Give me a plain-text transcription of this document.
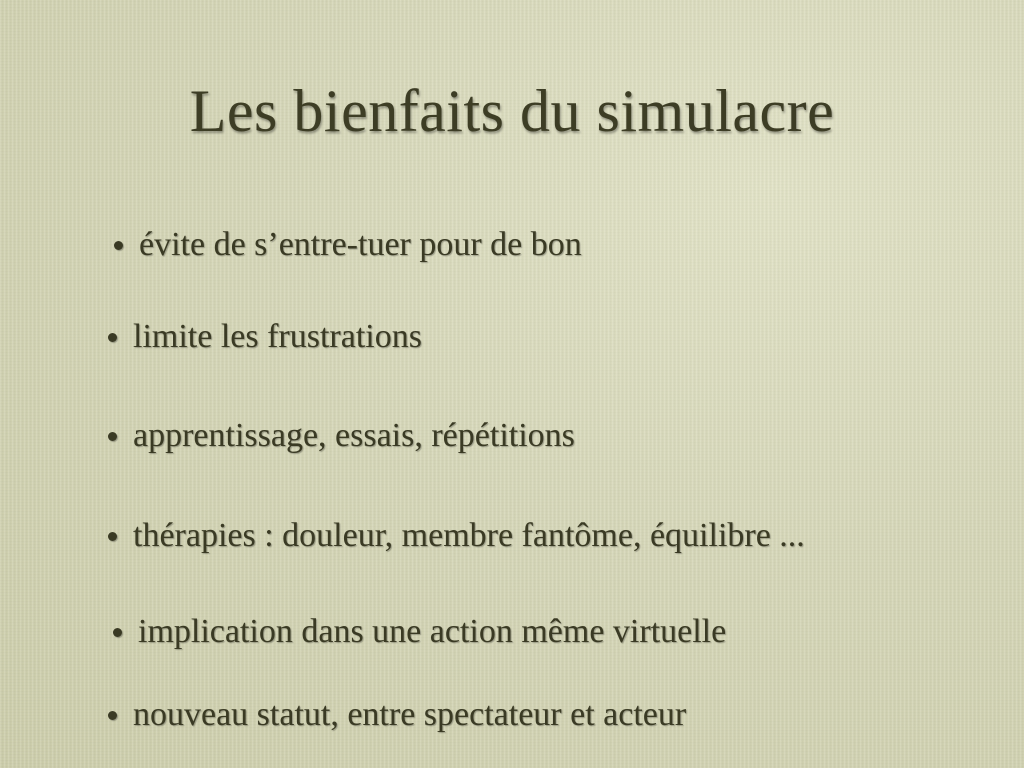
Les bienfaits du simulacre
évite de s’entre-tuer pour de bon
limite les frustrations
apprentissage, essais, répétitions
thérapies : douleur, membre fantôme, équilibre ...
implication dans une action même virtuelle
nouveau statut, entre spectateur et acteur
